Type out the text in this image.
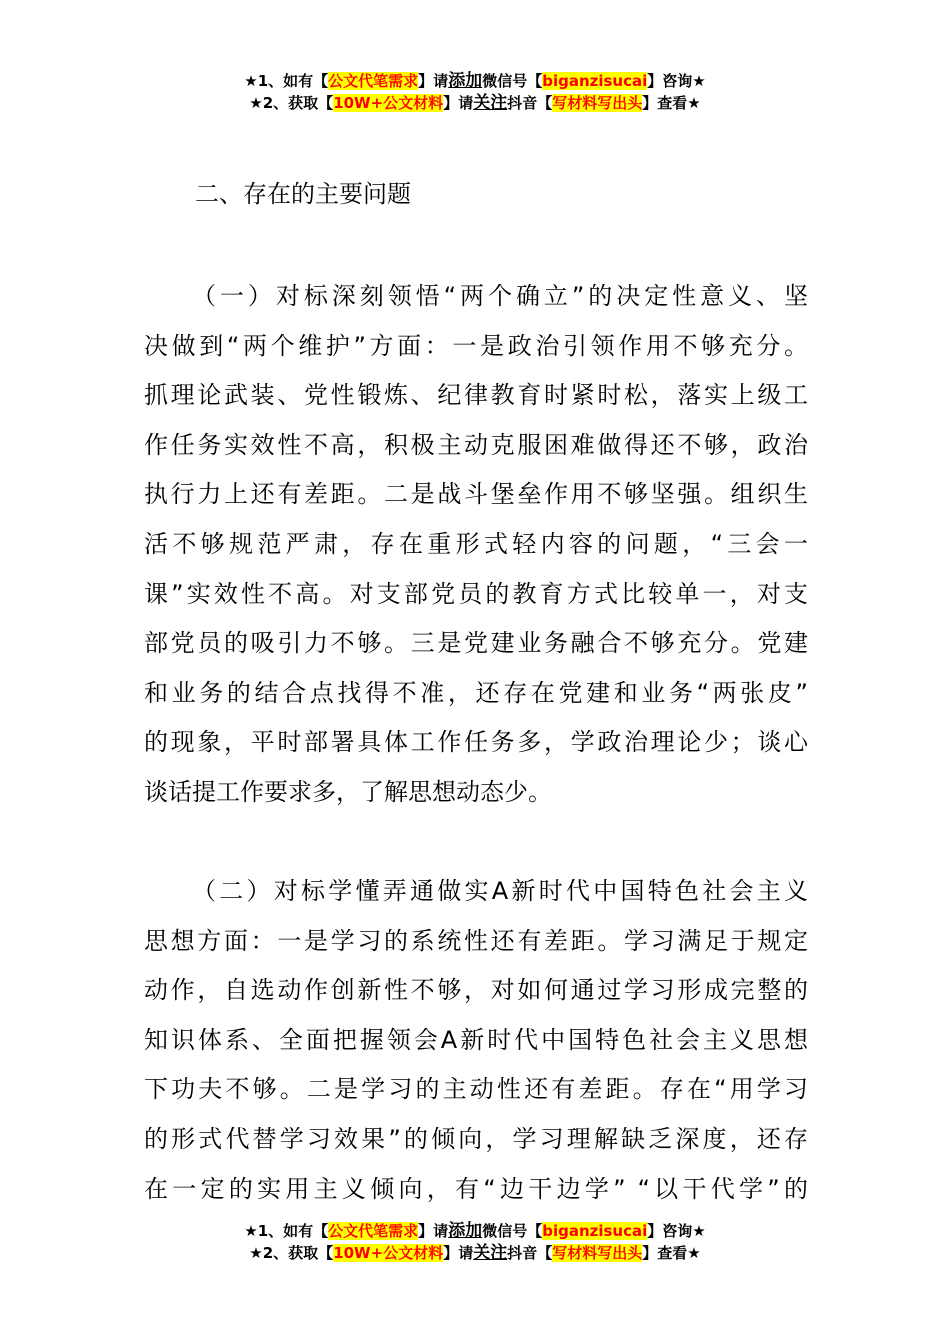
★1、如有【公文代笔需求】请添加微信号【biganzisucai】咨询★
★2、获取【10W+公文材料】请关注抖音【写材料写出头】查看★
二、存在的主要问题
（一）对标深刻领悟“两个确立”的决定性意义、坚
决做到“两个维护”方面：一是政治引领作用不够充分。
抓理论武装、党性锻炼、纪律教育时紧时松，落实上级工
作任务实效性不高，积极主动克服困难做得还不够，政治
执行力上还有差距。二是战斗堡垒作用不够坚强。组织生
活不够规范严肃，存在重形式轻内容的问题，“三会一
课”实效性不高。对支部党员的教育方式比较单一，对支
部党员的吸引力不够。三是党建业务融合不够充分。党建
和业务的结合点找得不准，还存在党建和业务“两张皮”
的现象，平时部署具体工作任务多，学政治理论少；谈心
谈话提工作要求多，了解思想动态少。
（二）对标学懂弄通做实A新时代中国特色社会主义
思想方面：一是学习的系统性还有差距。学习满足于规定
动作，自选动作创新性不够，对如何通过学习形成完整的
知识体系、全面把握领会A新时代中国特色社会主义思想
下功夫不够。二是学习的主动性还有差距。存在“用学习
的形式代替学习效果”的倾向，学习理解缺乏深度，还存
在一定的实用主义倾向，有“边干边学” “以干代学”的
★1、如有【公文代笔需求】请添加微信号【biganzisucai】咨询★
★2、获取【10W+公文材料】请关注抖音【写材料写出头】查看★
